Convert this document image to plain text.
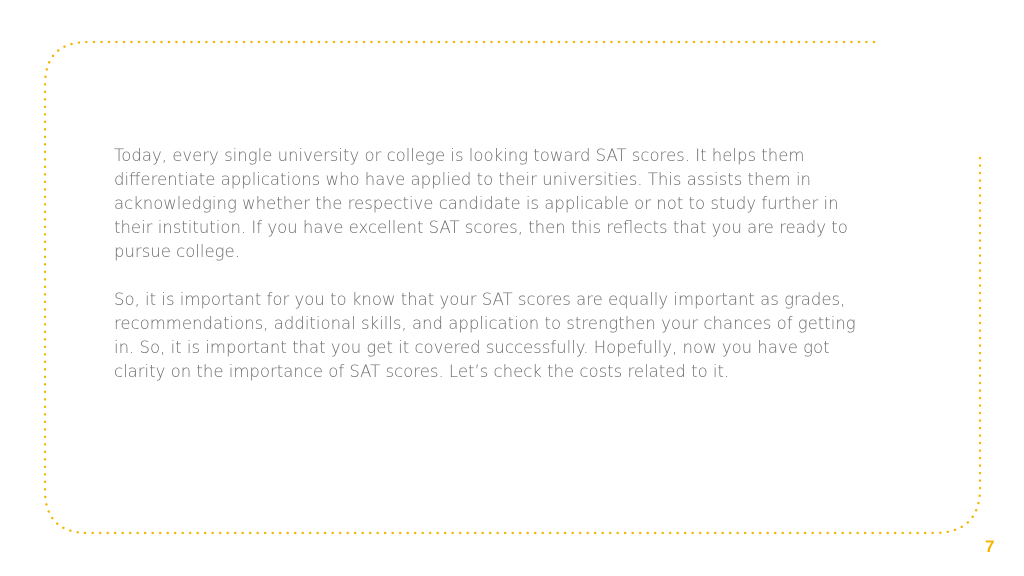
Today, every single university or college is looking toward SAT scores. It helps them differentiate applications who have applied to their universities. This assists them in acknowledging whether the respective candidate is applicable or not to study further in their institution. If you have excellent SAT scores, then this reflects that you are ready to pursue college.

So, it is important for you to know that your SAT scores are equally important as grades, recommendations, additional skills, and application to strengthen your chances of getting in. So, it is important that you get it covered successfully. Hopefully, now you have got clarity on the importance of SAT scores. Let’s check the costs related to it.

7
